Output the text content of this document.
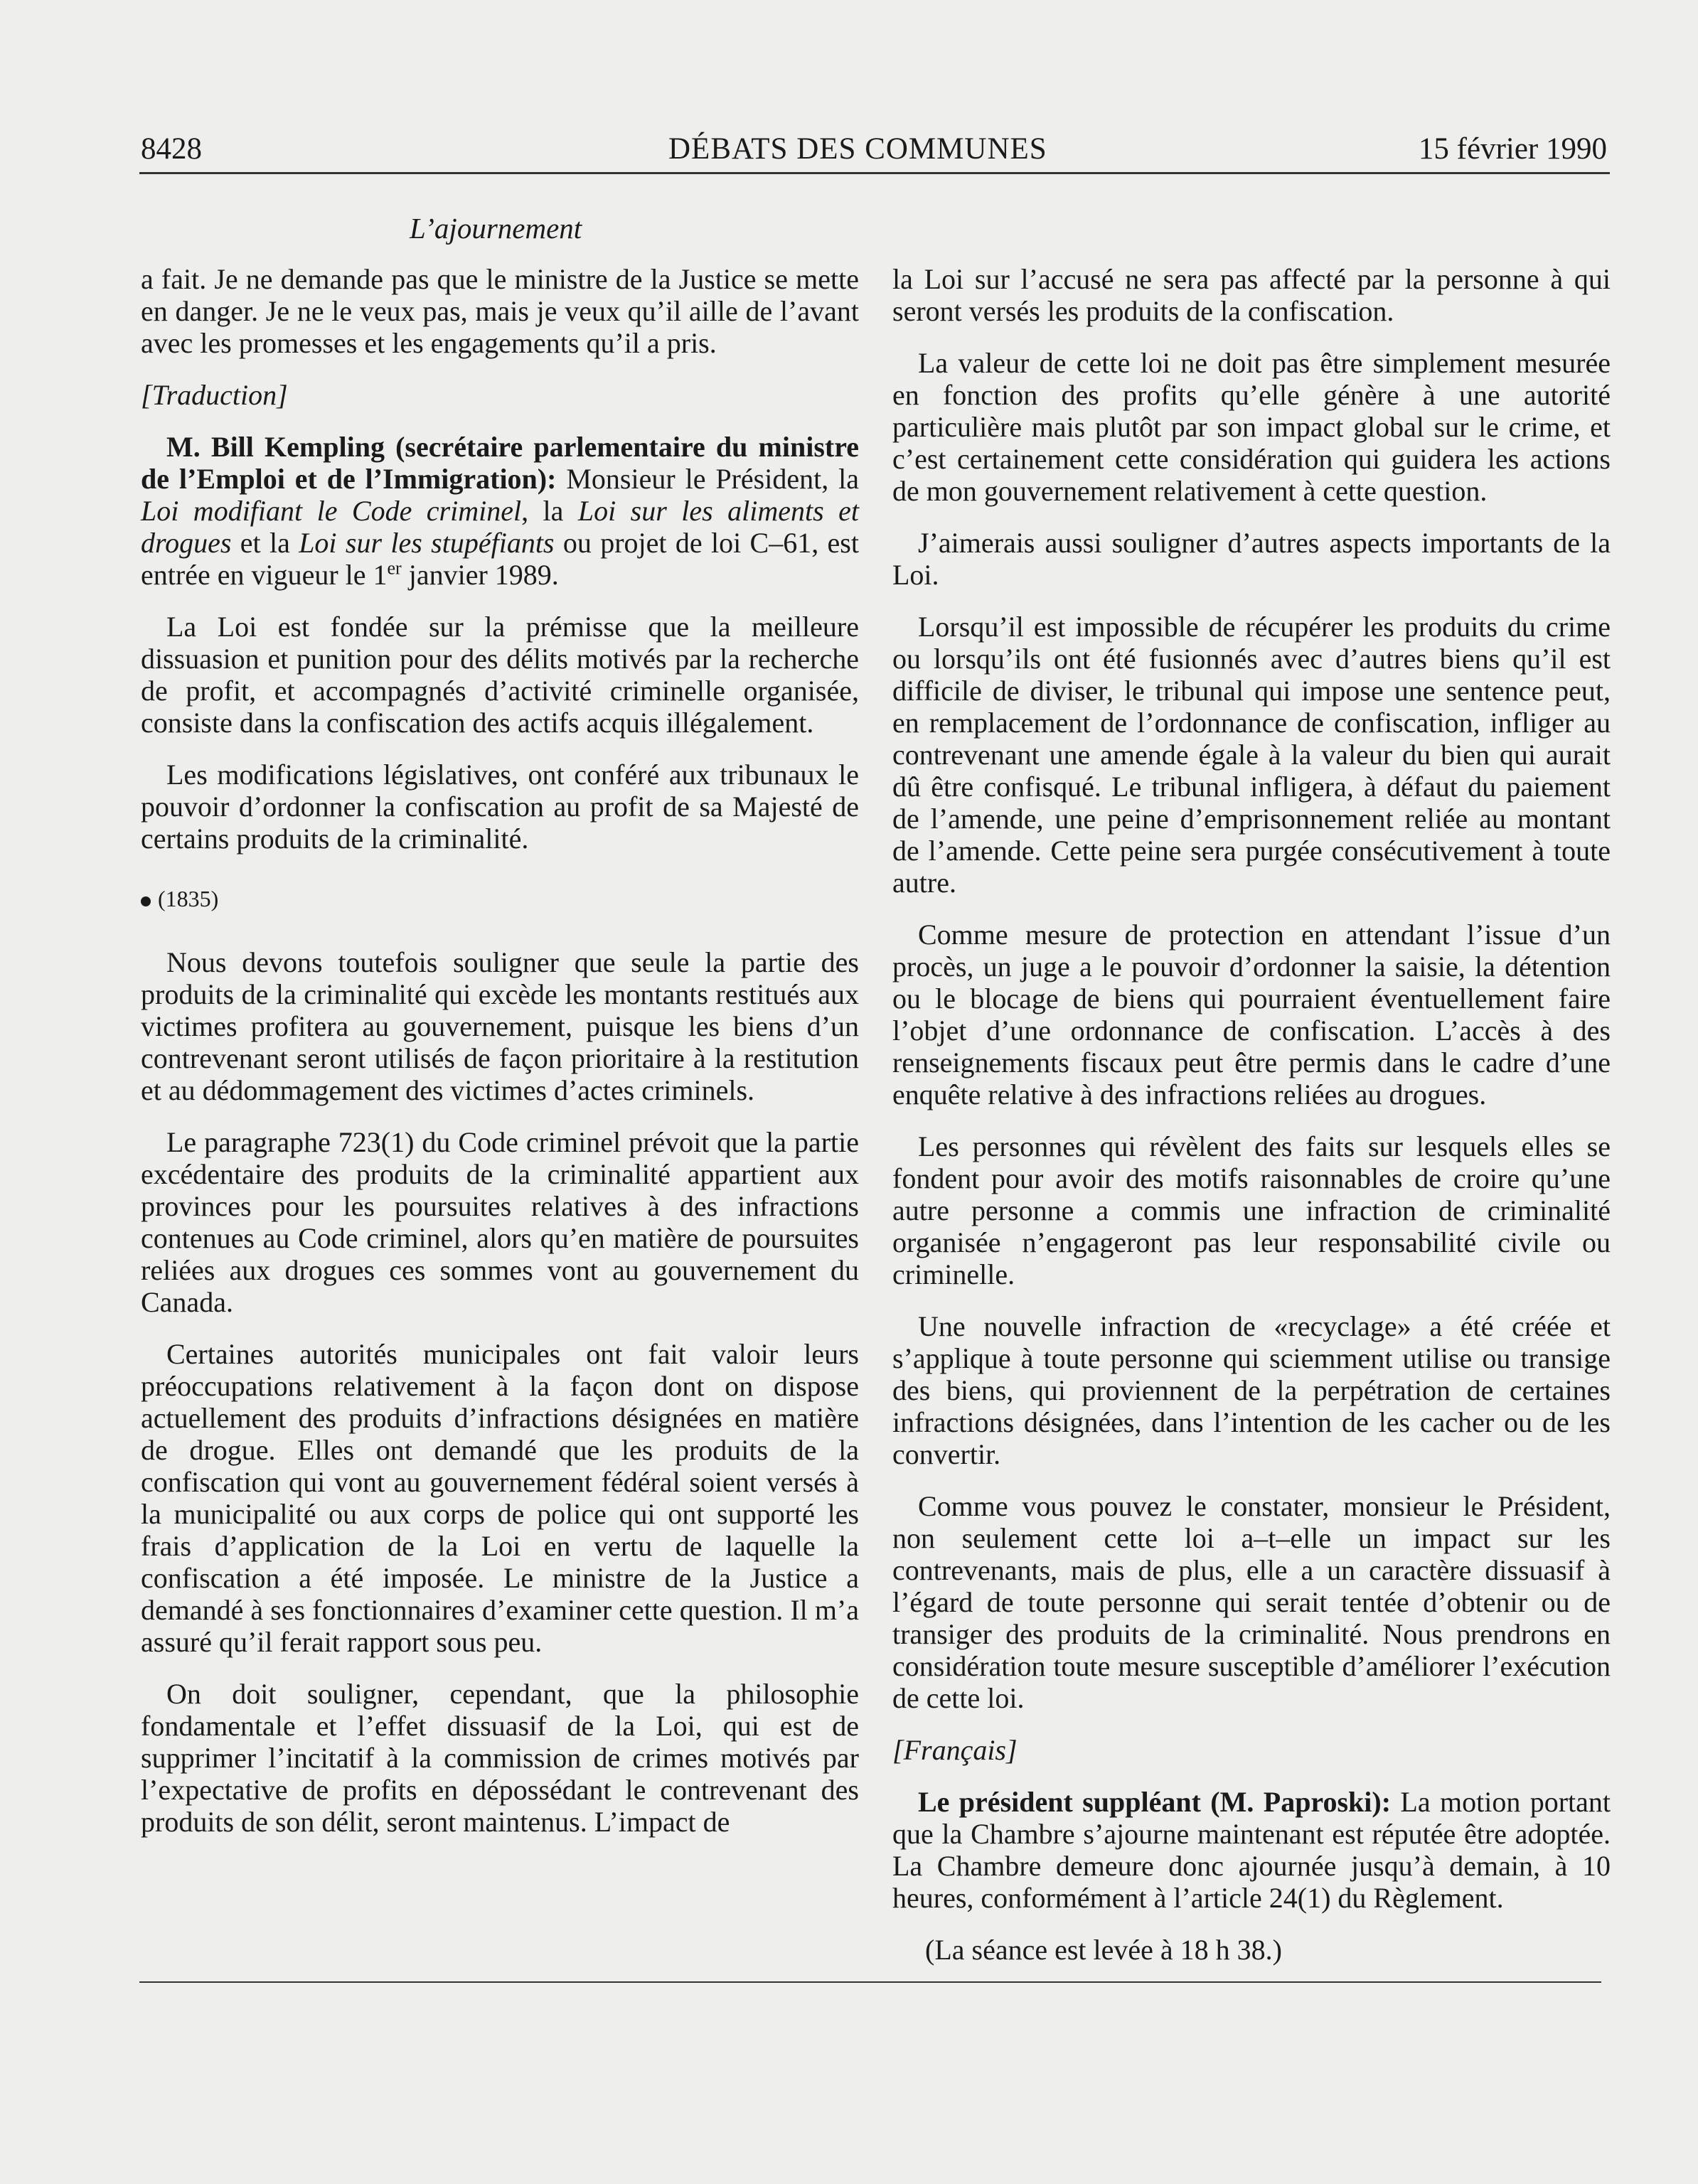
8428	DÉBATS DES COMMUNES	15 février 1990
L’ajournement

a fait. Je ne demande pas que le ministre de la Justice se mette en danger. Je ne le veux pas, mais je veux qu’il aille de l’avant avec les promesses et les engagements qu’il a pris.

[Traduction]

M. Bill Kempling (secrétaire parlementaire du ministre de l’Emploi et de l’Immigration): Monsieur le Président, la Loi modifiant le Code criminel, la Loi sur les aliments et drogues et la Loi sur les stupéfiants ou projet de loi C–61, est entrée en vigueur le 1er janvier 1989.

La Loi est fondée sur la prémisse que la meilleure dissuasion et punition pour des délits motivés par la recherche de profit, et accompagnés d’activité criminelle organisée, consiste dans la confiscation des actifs acquis illégalement.

Les modifications législatives, ont conféré aux tribunaux le pouvoir d’ordonner la confiscation au profit de sa Majesté de certains produits de la criminalité.

(1835)

Nous devons toutefois souligner que seule la partie des produits de la criminalité qui excède les montants restitués aux victimes profitera au gouvernement, puisque les biens d’un contrevenant seront utilisés de façon prioritaire à la restitution et au dédommagement des victimes d’actes criminels.

Le paragraphe 723(1) du Code criminel prévoit que la partie excédentaire des produits de la criminalité appartient aux provinces pour les poursuites relatives à des infractions contenues au Code criminel, alors qu’en matière de poursuites reliées aux drogues ces sommes vont au gouvernement du Canada.

Certaines autorités municipales ont fait valoir leurs préoccupations relativement à la façon dont on dispose actuellement des produits d’infractions désignées en matière de drogue. Elles ont demandé que les produits de la confiscation qui vont au gouvernement fédéral soient versés à la municipalité ou aux corps de police qui ont supporté les frais d’application de la Loi en vertu de laquelle la confiscation a été imposée. Le ministre de la Justice a demandé à ses fonctionnaires d’examiner cette question. Il m’a assuré qu’il ferait rapport sous peu.

On doit souligner, cependant, que la philosophie fondamentale et l’effet dissuasif de la Loi, qui est de supprimer l’incitatif à la commission de crimes motivés par l’expectative de profits en dépossédant le contrevenant des produits de son délit, seront maintenus. L’impact de

la Loi sur l’accusé ne sera pas affecté par la personne à qui seront versés les produits de la confiscation.

La valeur de cette loi ne doit pas être simplement mesurée en fonction des profits qu’elle génère à une autorité particulière mais plutôt par son impact global sur le crime, et c’est certainement cette considération qui guidera les actions de mon gouvernement relativement à cette question.

J’aimerais aussi souligner d’autres aspects importants de la Loi.

Lorsqu’il est impossible de récupérer les produits du crime ou lorsqu’ils ont été fusionnés avec d’autres biens qu’il est difficile de diviser, le tribunal qui impose une sentence peut, en remplacement de l’ordonnance de confiscation, infliger au contrevenant une amende égale à la valeur du bien qui aurait dû être confisqué. Le tribunal infligera, à défaut du paiement de l’amende, une peine d’emprisonnement reliée au montant de l’amende. Cette peine sera purgée consécutivement à toute autre.

Comme mesure de protection en attendant l’issue d’un procès, un juge a le pouvoir d’ordonner la saisie, la détention ou le blocage de biens qui pourraient éventuellement faire l’objet d’une ordonnance de confiscation. L’accès à des renseignements fiscaux peut être permis dans le cadre d’une enquête relative à des infractions reliées au drogues.

Les personnes qui révèlent des faits sur lesquels elles se fondent pour avoir des motifs raisonnables de croire qu’une autre personne a commis une infraction de criminalité organisée n’engageront pas leur responsabilité civile ou criminelle.

Une nouvelle infraction de «recyclage» a été créée et s’applique à toute personne qui sciemment utilise ou transige des biens, qui proviennent de la perpétration de certaines infractions désignées, dans l’intention de les cacher ou de les convertir.

Comme vous pouvez le constater, monsieur le Président, non seulement cette loi a–t–elle un impact sur les contrevenants, mais de plus, elle a un caractère dissuasif à l’égard de toute personne qui serait tentée d’obtenir ou de transiger des produits de la criminalité. Nous prendrons en considération toute mesure susceptible d’améliorer l’exécution de cette loi.

[Français]

Le président suppléant (M. Paproski): La motion portant que la Chambre s’ajourne maintenant est réputée être adoptée. La Chambre demeure donc ajournée jusqu’à demain, à 10 heures, conformément à l’article 24(1) du Règlement.

(La séance est levée à 18 h 38.)
